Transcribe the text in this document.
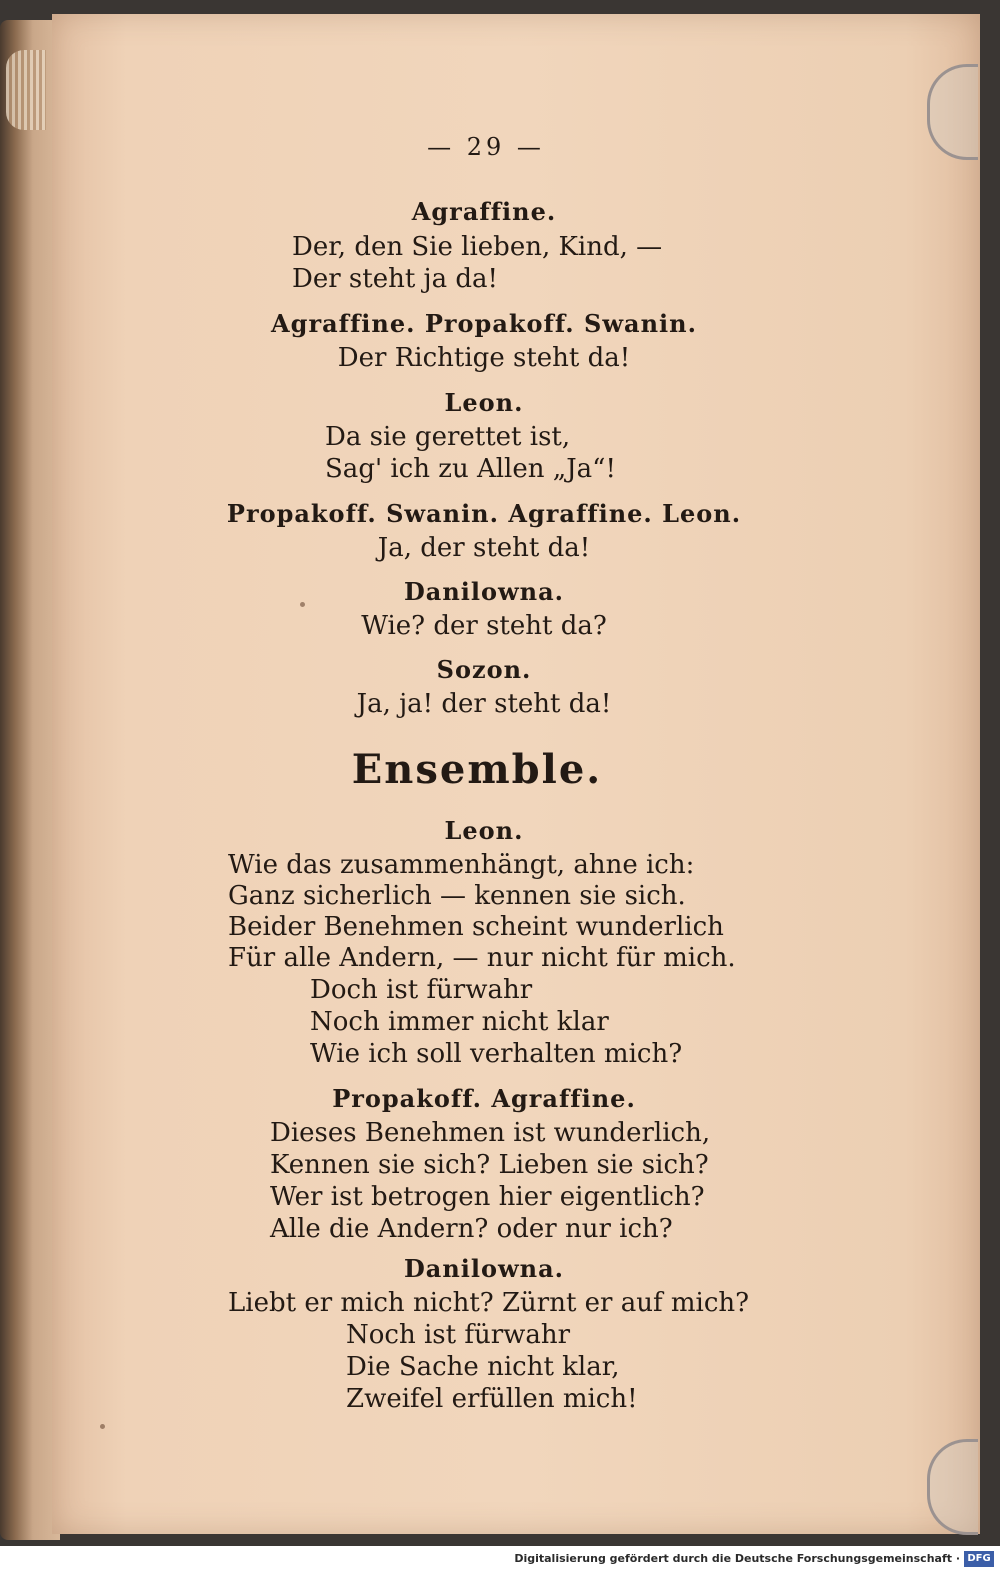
— 29 —
Agraffine.
Der, den Sie lieben, Kind, —
Der steht ja da!
Agraffine. Propakoff. Swanin.
Der Richtige steht da!
Leon.
Da sie gerettet ist,
Sag' ich zu Allen „Ja“!
Propakoff. Swanin. Agraffine. Leon.
Ja, der steht da!
Danilowna.
Wie? der steht da?
Sozon.
Ja, ja! der steht da!
Ensemble.
Leon.
Wie das zusammenhängt, ahne ich:
Ganz sicherlich — kennen sie sich.
Beider Benehmen scheint wunderlich
Für alle Andern, — nur nicht für mich.
Doch ist fürwahr
Noch immer nicht klar
Wie ich soll verhalten mich?
Propakoff. Agraffine.
Dieses Benehmen ist wunderlich,
Kennen sie sich? Lieben sie sich?
Wer ist betrogen hier eigentlich?
Alle die Andern? oder nur ich?
Danilowna.
Liebt er mich nicht? Zürnt er auf mich?
Noch ist fürwahr
Die Sache nicht klar,
Zweifel erfüllen mich!
Digitalisierung gefördert durch die Deutsche Forschungsgemeinschaft · DFG
